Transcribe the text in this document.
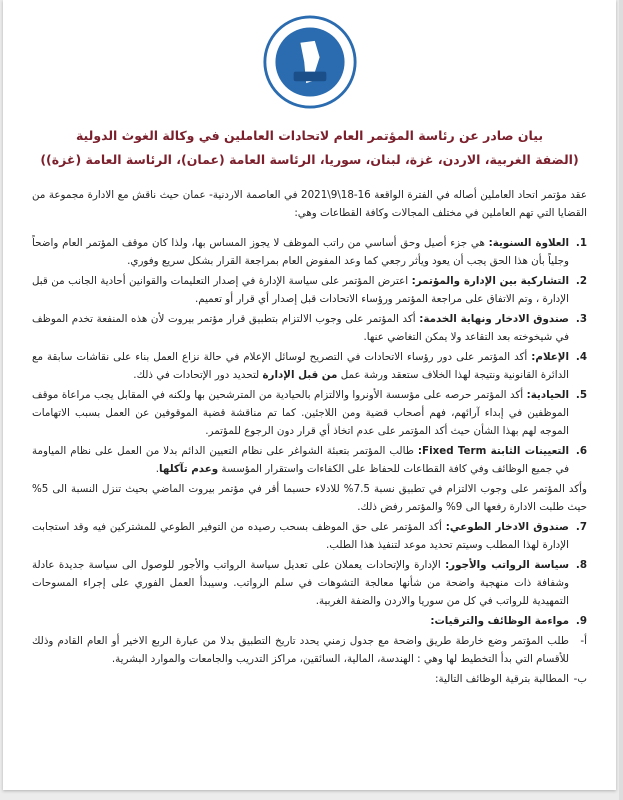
بيان صادر عن رئاسة المؤتمر العام لاتحادات العاملين في وكالة الغوث الدولية
(الضفة الغربية، الاردن، غزة، لبنان، سوريا، الرئاسة العامة (عمان)، الرئاسة العامة (غزة))

عقد مؤتمر اتحاد العاملين أصاله في الفترة الواقعة 16-18\9\2021 في العاصمة الاردنية- عمان حيث ناقش مع الادارة مجموعة من القضايا التي تهم العاملين في مختلف المجالات وكافة القطاعات وهي:

1.
العلاوة السنوية: هي جزء أصيل وحق أساسي من راتب الموظف لا يجوز المساس بها، ولذا كان موقف المؤتمر العام واضحاً وجلياً بأن هذا الحق يجب أن يعود ويأثر رجعي كما وعد المفوض العام بمراجعة القرار بشكل سريع وفوري.
2.
التشاركية بين الإدارة والمؤتمر: اعترض المؤتمر على سياسة الإدارة في إصدار التعليمات والقوانين أحادية الجانب من قبل الإدارة ، وتم الاتفاق على مراجعة المؤتمر ورؤساء الاتحادات قبل إصدار أي قرار أو تعميم.
3.
صندوق الادخار ونهاية الخدمة: أكد المؤتمر على وجوب الالتزام بتطبيق قرار مؤتمر بيروت لأن هذه المنفعة تخدم الموظف في شيخوخته بعد التقاعد ولا يمكن التغاضي عنها.
4.
الإعلام: أكد المؤتمر على دور رؤساء الاتحادات في التصريح لوسائل الإعلام في حالة نزاع العمل بناء على نقاشات سابقة مع الدائرة القانونية ونتيجة لهذا الخلاف ستعقد ورشة عمل من قبل الإدارة لتحديد دور الإتحادات في ذلك.
5.
الحيادية: أكد المؤتمر حرصه على مؤسسة الأونروا والالتزام بالحيادية من المترشحين بها ولكنه في المقابل يجب مراعاة موقف الموظفين في إبداء آرائهم، فهم أصحاب قضية ومن اللاجئين. كما تم مناقشة قضية الموقوفين عن العمل بسبب الاتهامات الموجه لهم بهذا الشأن حيث أكد المؤتمر على عدم اتخاذ أي قرار دون الرجوع للمؤتمر.
6.
التعيينات الثابتة Fixed Term: طالب المؤتمر بتعبئة الشواغر على نظام التعيين الدائم بدلا من العمل على نظام المياومة في جميع الوظائف وفي كافة القطاعات للحفاظ على الكفاءات واستقرار المؤسسة وعدم تآكلها.
وأكد المؤتمر على وجوب الالتزام في تطبيق نسبة 7.5% للادلاء حسبما أقر في مؤتمر بيروت الماضي بحيث تنزل النسبة الى 5% حيث طلبت الادارة رفعها الى 9% والمؤتمر رفض ذلك.
7.
صندوق الادخار الطوعي: أكد المؤتمر على حق الموظف بسحب رصيده من التوفير الطوعي للمشتركين فيه وقد استجابت الإدارة لهذا المطلب وسيتم تحديد موعد لتنفيذ هذا الطلب.
8.
سياسة الرواتب والأجور: الإدارة والإتحادات يعملان على تعديل سياسة الرواتب والأجور للوصول الى سياسة جديدة عادلة وشفافة ذات منهجية واضحة من شأنها معالجة التشوهات في سلم الرواتب. وسيبدأ العمل الفوري على إجراء المسوحات التمهيدية للرواتب في كل من سوريا والاردن والضفة الغربية.
9.
مواءمة الوظائف والترقيات:
أ-
طلب المؤتمر وضع خارطة طريق واضحة مع جدول زمني يحدد تاريخ التطبيق بدلا من عبارة الربع الاخير أو العام القادم وذلك للأقسام التي بدأ التخطيط لها وهي : الهندسة، المالية، السائقين، مراكز التدريب والجامعات والموارد البشرية.
ب-
المطالبة بترقية الوظائف التالية:
